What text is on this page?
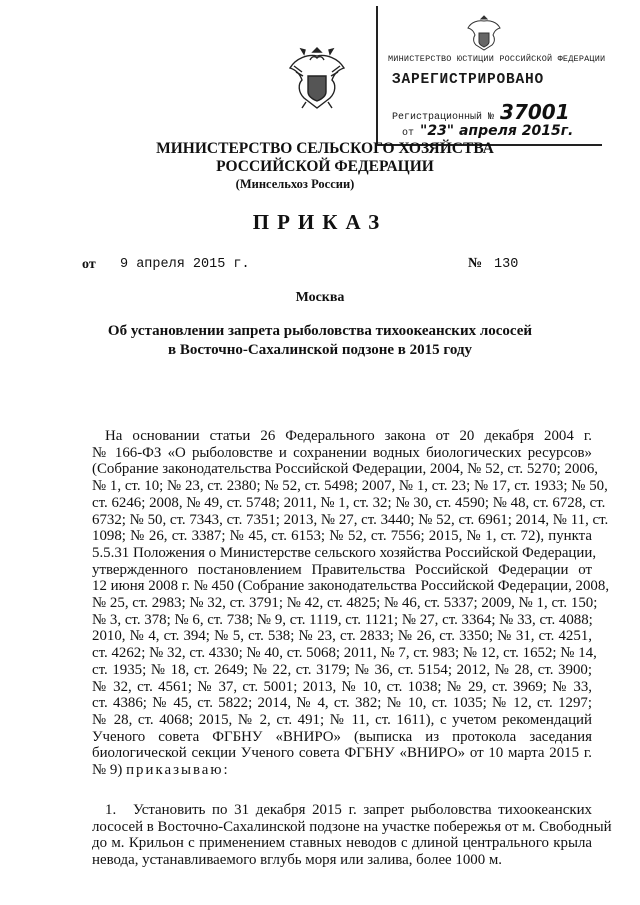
МИНИСТЕРСТВО ЮСТИЦИИ РОССИЙСКОЙ ФЕДЕРАЦИИ
ЗАРЕГИСТРИРОВАНО
Регистрационный № 37001
от "23" апреля 2015г.
МИНИСТЕРСТВО СЕЛЬСКОГО ХОЗЯЙСТВА
РОССИЙСКОЙ ФЕДЕРАЦИИ
(Минсельхоз России)
ПРИКАЗ
от 9 апреля 2015 г.	№ 130
Москва
Об установлении запрета рыболовства тихоокеанских лососей
в Восточно-Сахалинской подзоне в 2015 году
На основании статьи 26 Федерального закона от 20 декабря 2004 г.
№ 166-ФЗ «О рыболовстве и сохранении водных биологических ресурсов»
(Собрание законодательства Российской Федерации, 2004, № 52, ст. 5270; 2006,
№ 1, ст. 10; № 23, ст. 2380; № 52, ст. 5498; 2007, № 1, ст. 23; № 17, ст. 1933; № 50,
ст. 6246; 2008, № 49, ст. 5748; 2011, № 1, ст. 32; № 30, ст. 4590; № 48, ст. 6728, ст.
6732; № 50, ст. 7343, ст. 7351; 2013, № 27, ст. 3440; № 52, ст. 6961; 2014, № 11, ст.
1098; № 26, ст. 3387; № 45, ст. 6153; № 52, ст. 7556; 2015, № 1, ст. 72), пункта
5.5.31 Положения о Министерстве сельского хозяйства Российской Федерации,
утвержденного постановлением Правительства Российской Федерации от
12 июня 2008 г. № 450 (Собрание законодательства Российской Федерации, 2008,
№ 25, ст. 2983; № 32, ст. 3791; № 42, ст. 4825; № 46, ст. 5337; 2009, № 1, ст. 150;
№ 3, ст. 378; № 6, ст. 738; № 9, ст. 1119, ст. 1121; № 27, ст. 3364; № 33, ст. 4088;
2010, № 4, ст. 394; № 5, ст. 538; № 23, ст. 2833; № 26, ст. 3350; № 31, ст. 4251,
ст. 4262; № 32, ст. 4330; № 40, ст. 5068; 2011, № 7, ст. 983; № 12, ст. 1652; № 14,
ст. 1935; № 18, ст. 2649; № 22, ст. 3179; № 36, ст. 5154; 2012, № 28, ст. 3900;
№ 32, ст. 4561; № 37, ст. 5001; 2013, № 10, ст. 1038; № 29, ст. 3969; № 33,
ст. 4386; № 45, ст. 5822; 2014, № 4, ст. 382; № 10, ст. 1035; № 12, ст. 1297;
№ 28, ст. 4068; 2015, № 2, ст. 491; № 11, ст. 1611), с учетом рекомендаций
Ученого совета ФГБНУ «ВНИРО» (выписка из протокола заседания
биологической секции Ученого совета ФГБНУ «ВНИРО» от 10 марта 2015 г.
№ 9) приказываю:
1. Установить по 31 декабря 2015 г. запрет рыболовства тихоокеанских
лососей в Восточно-Сахалинской подзоне на участке побережья от м. Свободный
до м. Крильон с применением ставных неводов с длиной центрального крыла
невода, устанавливаемого вглубь моря или залива, более 1000 м.
